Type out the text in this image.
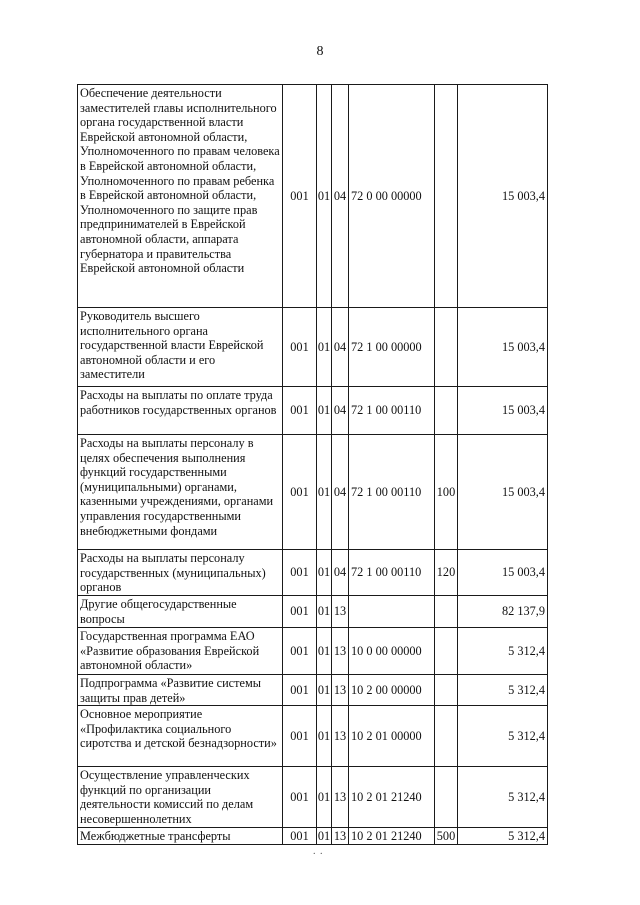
8
Обеспечение деятельности заместителей главы исполнительного органа государственной власти Еврейской автономной области, Уполномоченного по правам человека в Еврейской автономной области, Уполномоченного по правам ребенка в Еврейской автономной области, Уполномоченного по защите прав предпринимателей в Еврейской автономной области, аппарата губернатора и правительства Еврейской автономной области	001	01	04	72 0 00 00000		15 003,4
Руководитель высшего исполнительного органа государственной власти Еврейской автономной области и его заместители	001	01	04	72 1 00 00000		15 003,4
Расходы на выплаты по оплате труда работников государственных органов	001	01	04	72 1 00 00110		15 003,4
Расходы на выплаты персоналу в целях обеспечения выполнения функций государственными (муниципальными) органами, казенными учреждениями, органами управления государственными внебюджетными фондами	001	01	04	72 1 00 00110	100	15 003,4
Расходы на выплаты персоналу государственных (муниципальных) органов	001	01	04	72 1 00 00110	120	15 003,4
Другие общегосударственные вопросы	001	01	13			82 137,9
Государственная программа ЕАО «Развитие образования Еврейской автономной области»	001	01	13	10 0 00 00000		5 312,4
Подпрограмма «Развитие системы защиты прав детей»	001	01	13	10 2 00 00000		5 312,4
Основное мероприятие «Профилактика социального сиротства и детской безнадзорности»	001	01	13	10 2 01 00000		5 312,4
Осуществление управленческих функций по организации деятельности комиссий по делам несовершеннолетних	001	01	13	10 2 01 21240		5 312,4
Межбюджетные трансферты	001	01	13	10 2 01 21240	500	5 312,4
. .
